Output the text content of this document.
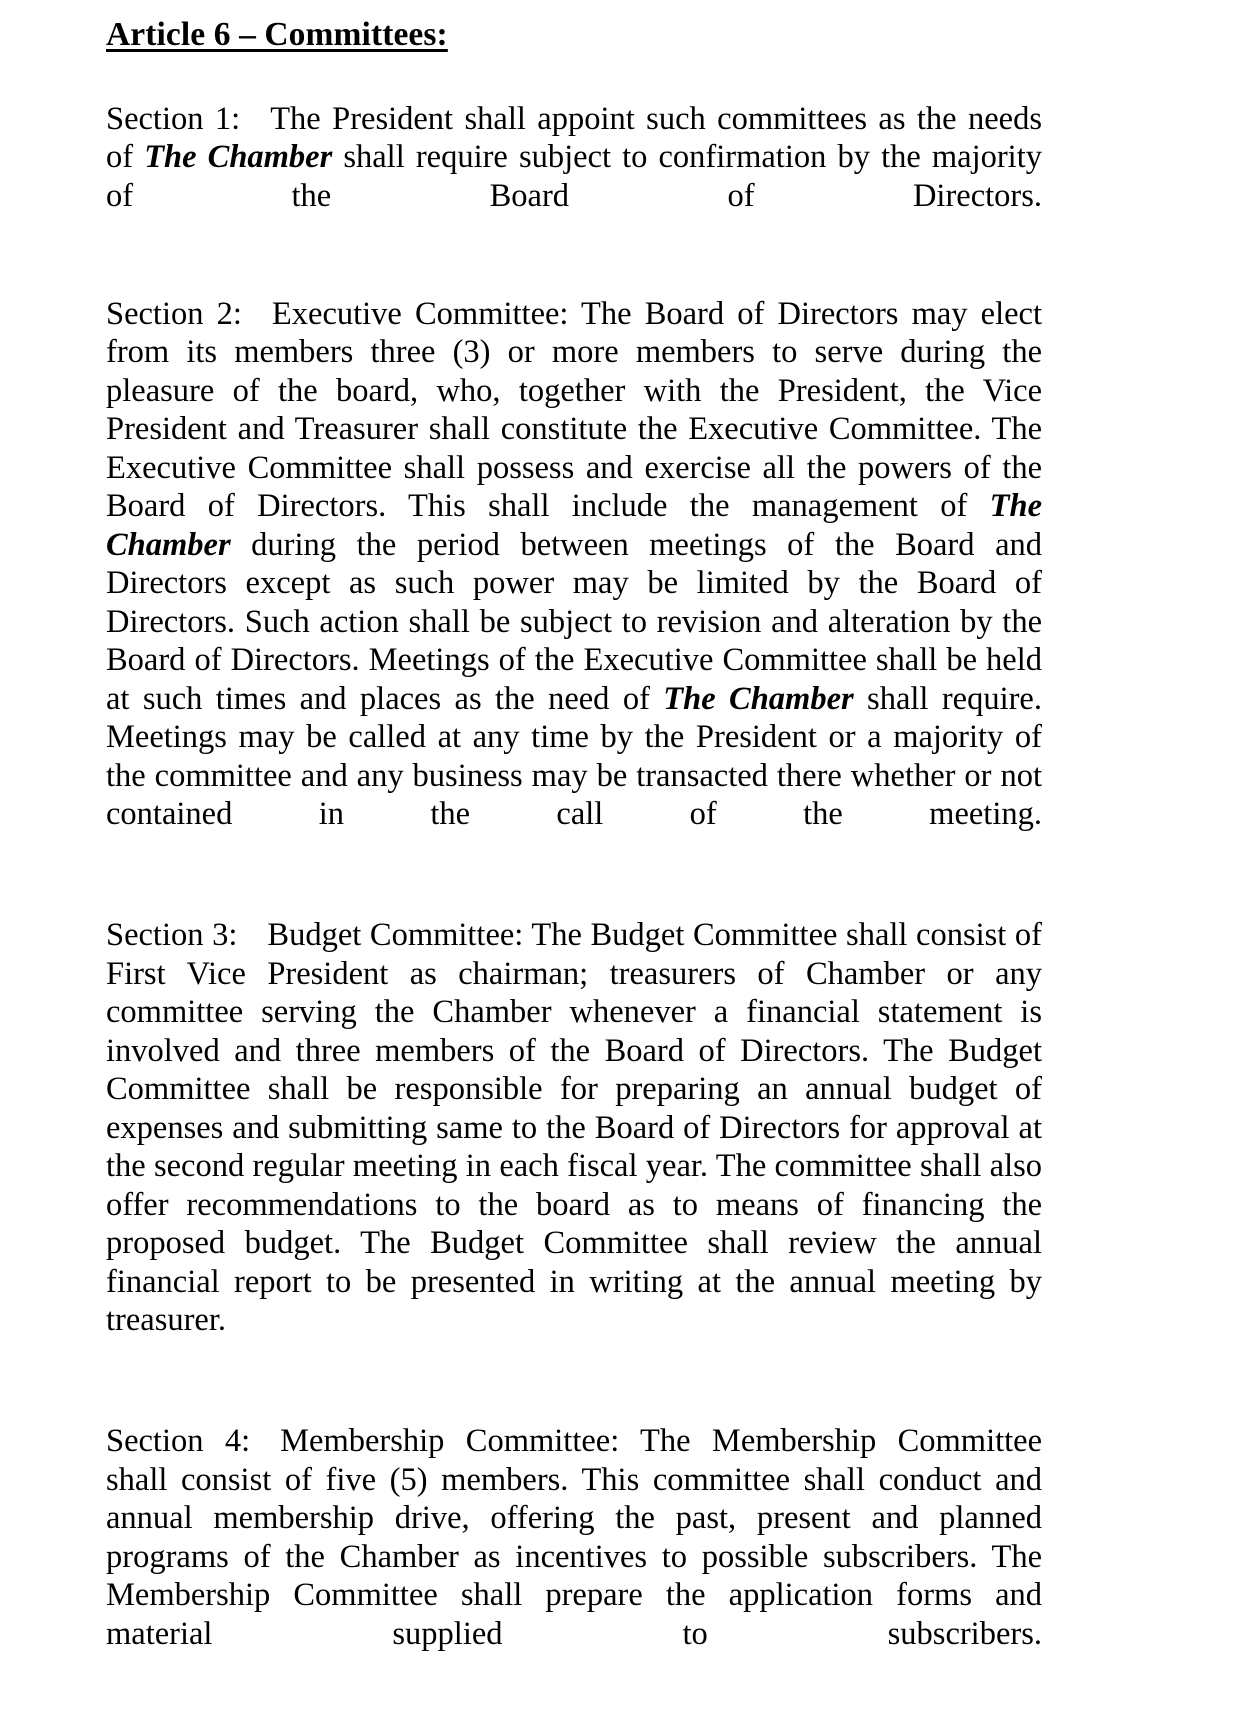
Article 6 – Committees:

Section 1: The President shall appoint such committees as the needs of The Chamber shall require subject to confirmation by the majority of the Board of Directors.

Section 2: Executive Committee: The Board of Directors may elect from its members three (3) or more members to serve during the pleasure of the board, who, together with the President, the Vice President and Treasurer shall constitute the Executive Committee. The Executive Committee shall possess and exercise all the powers of the Board of Directors. This shall include the management of The Chamber during the period between meetings of the Board and Directors except as such power may be limited by the Board of Directors. Such action shall be subject to revision and alteration by the Board of Directors. Meetings of the Executive Committee shall be held at such times and places as the need of The Chamber shall require. Meetings may be called at any time by the President or a majority of the committee and any business may be transacted there whether or not contained in the call of the meeting.

Section 3: Budget Committee: The Budget Committee shall consist of First Vice President as chairman; treasurers of Chamber or any committee serving the Chamber whenever a financial statement is involved and three members of the Board of Directors. The Budget Committee shall be responsible for preparing an annual budget of expenses and submitting same to the Board of Directors for approval at the second regular meeting in each fiscal year. The committee shall also offer recommendations to the board as to means of financing the proposed budget. The Budget Committee shall review the annual financial report to be presented in writing at the annual meeting by treasurer.

Section 4: Membership Committee: The Membership Committee shall consist of five (5) members. This committee shall conduct and annual membership drive, offering the past, present and planned programs of the Chamber as incentives to possible subscribers. The Membership Committee shall prepare the application forms and material supplied to subscribers.
